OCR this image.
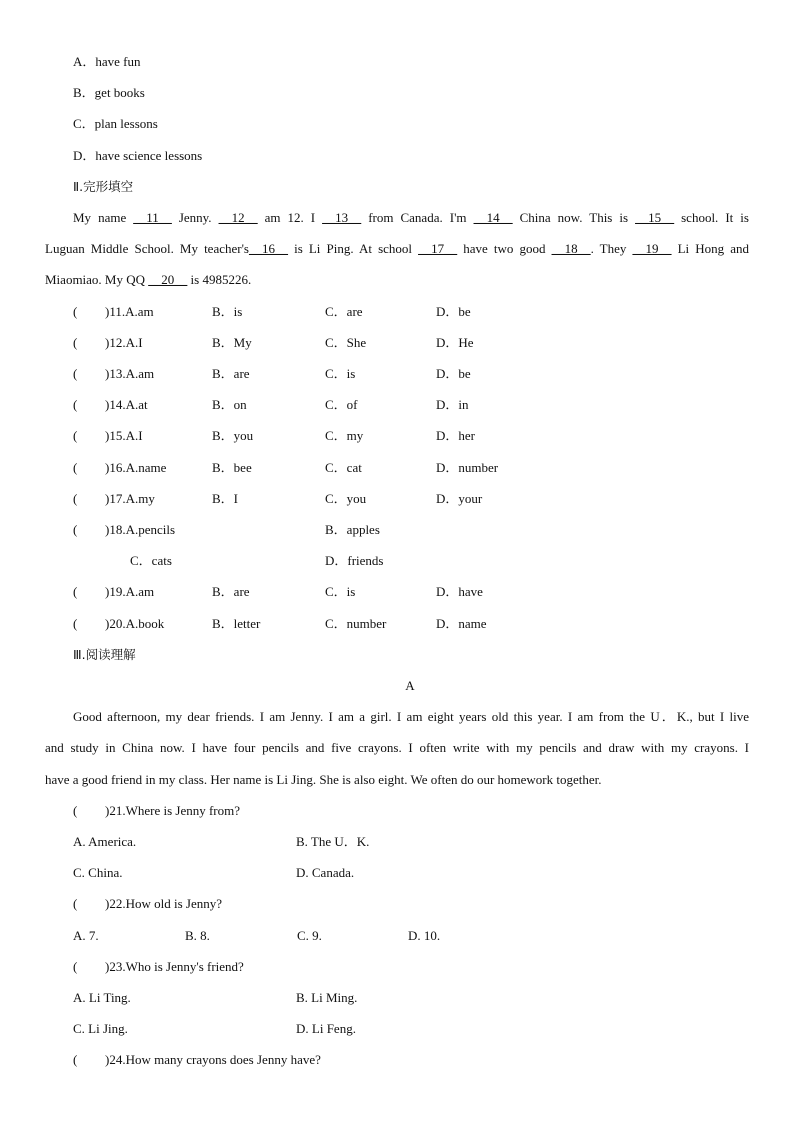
A．have fun
B．get books
C．plan lessons
D．have science lessons
Ⅱ.完形填空
My name __11__ Jenny. __12__ am 12. I __13__ from Canada. I'm __14__ China now. This is __15__ school. It is
Luguan Middle School. My teacher's__16__ is Li Ping. At school __17__ have two good __18__. They __19__ Li Hong and
Miaomiao. My QQ __20__ is 4985226.
( )11.A.am	B．is	C．are	D．be
( )12.A.I	B．My	C．She	D．He
( )13.A.am	B．are	C．is	D．be
( )14.A.at	B．on	C．of	D．in
( )15.A.I	B．you	C．my	D．her
( )16.A.name	B．bee	C．cat	D．number
( )17.A.my	B．I	C．you	D．your
( )18.A.pencils	B．apples
C．cats	D．friends
( )19.A.am	B．are	C．is	D．have
( )20.A.book	B．letter	C．number	D．name
Ⅲ.阅读理解
A
Good afternoon, my dear friends. I am Jenny. I am a girl. I am eight years old this year. I am from the U．K., but I live
and study in China now. I have four pencils and five crayons. I often write with my pencils and draw with my crayons. I
have a good friend in my class. Her name is Li Jing. She is also eight. We often do our homework together.
( )21.Where is Jenny from?
A. America.	B. The U．K.
C. China.	D. Canada.
( )22.How old is Jenny?
A. 7.	B. 8.	C. 9.	D. 10.
( )23.Who is Jenny's friend?
A. Li Ting.	B. Li Ming.
C. Li Jing.	D. Li Feng.
( )24.How many crayons does Jenny have?
